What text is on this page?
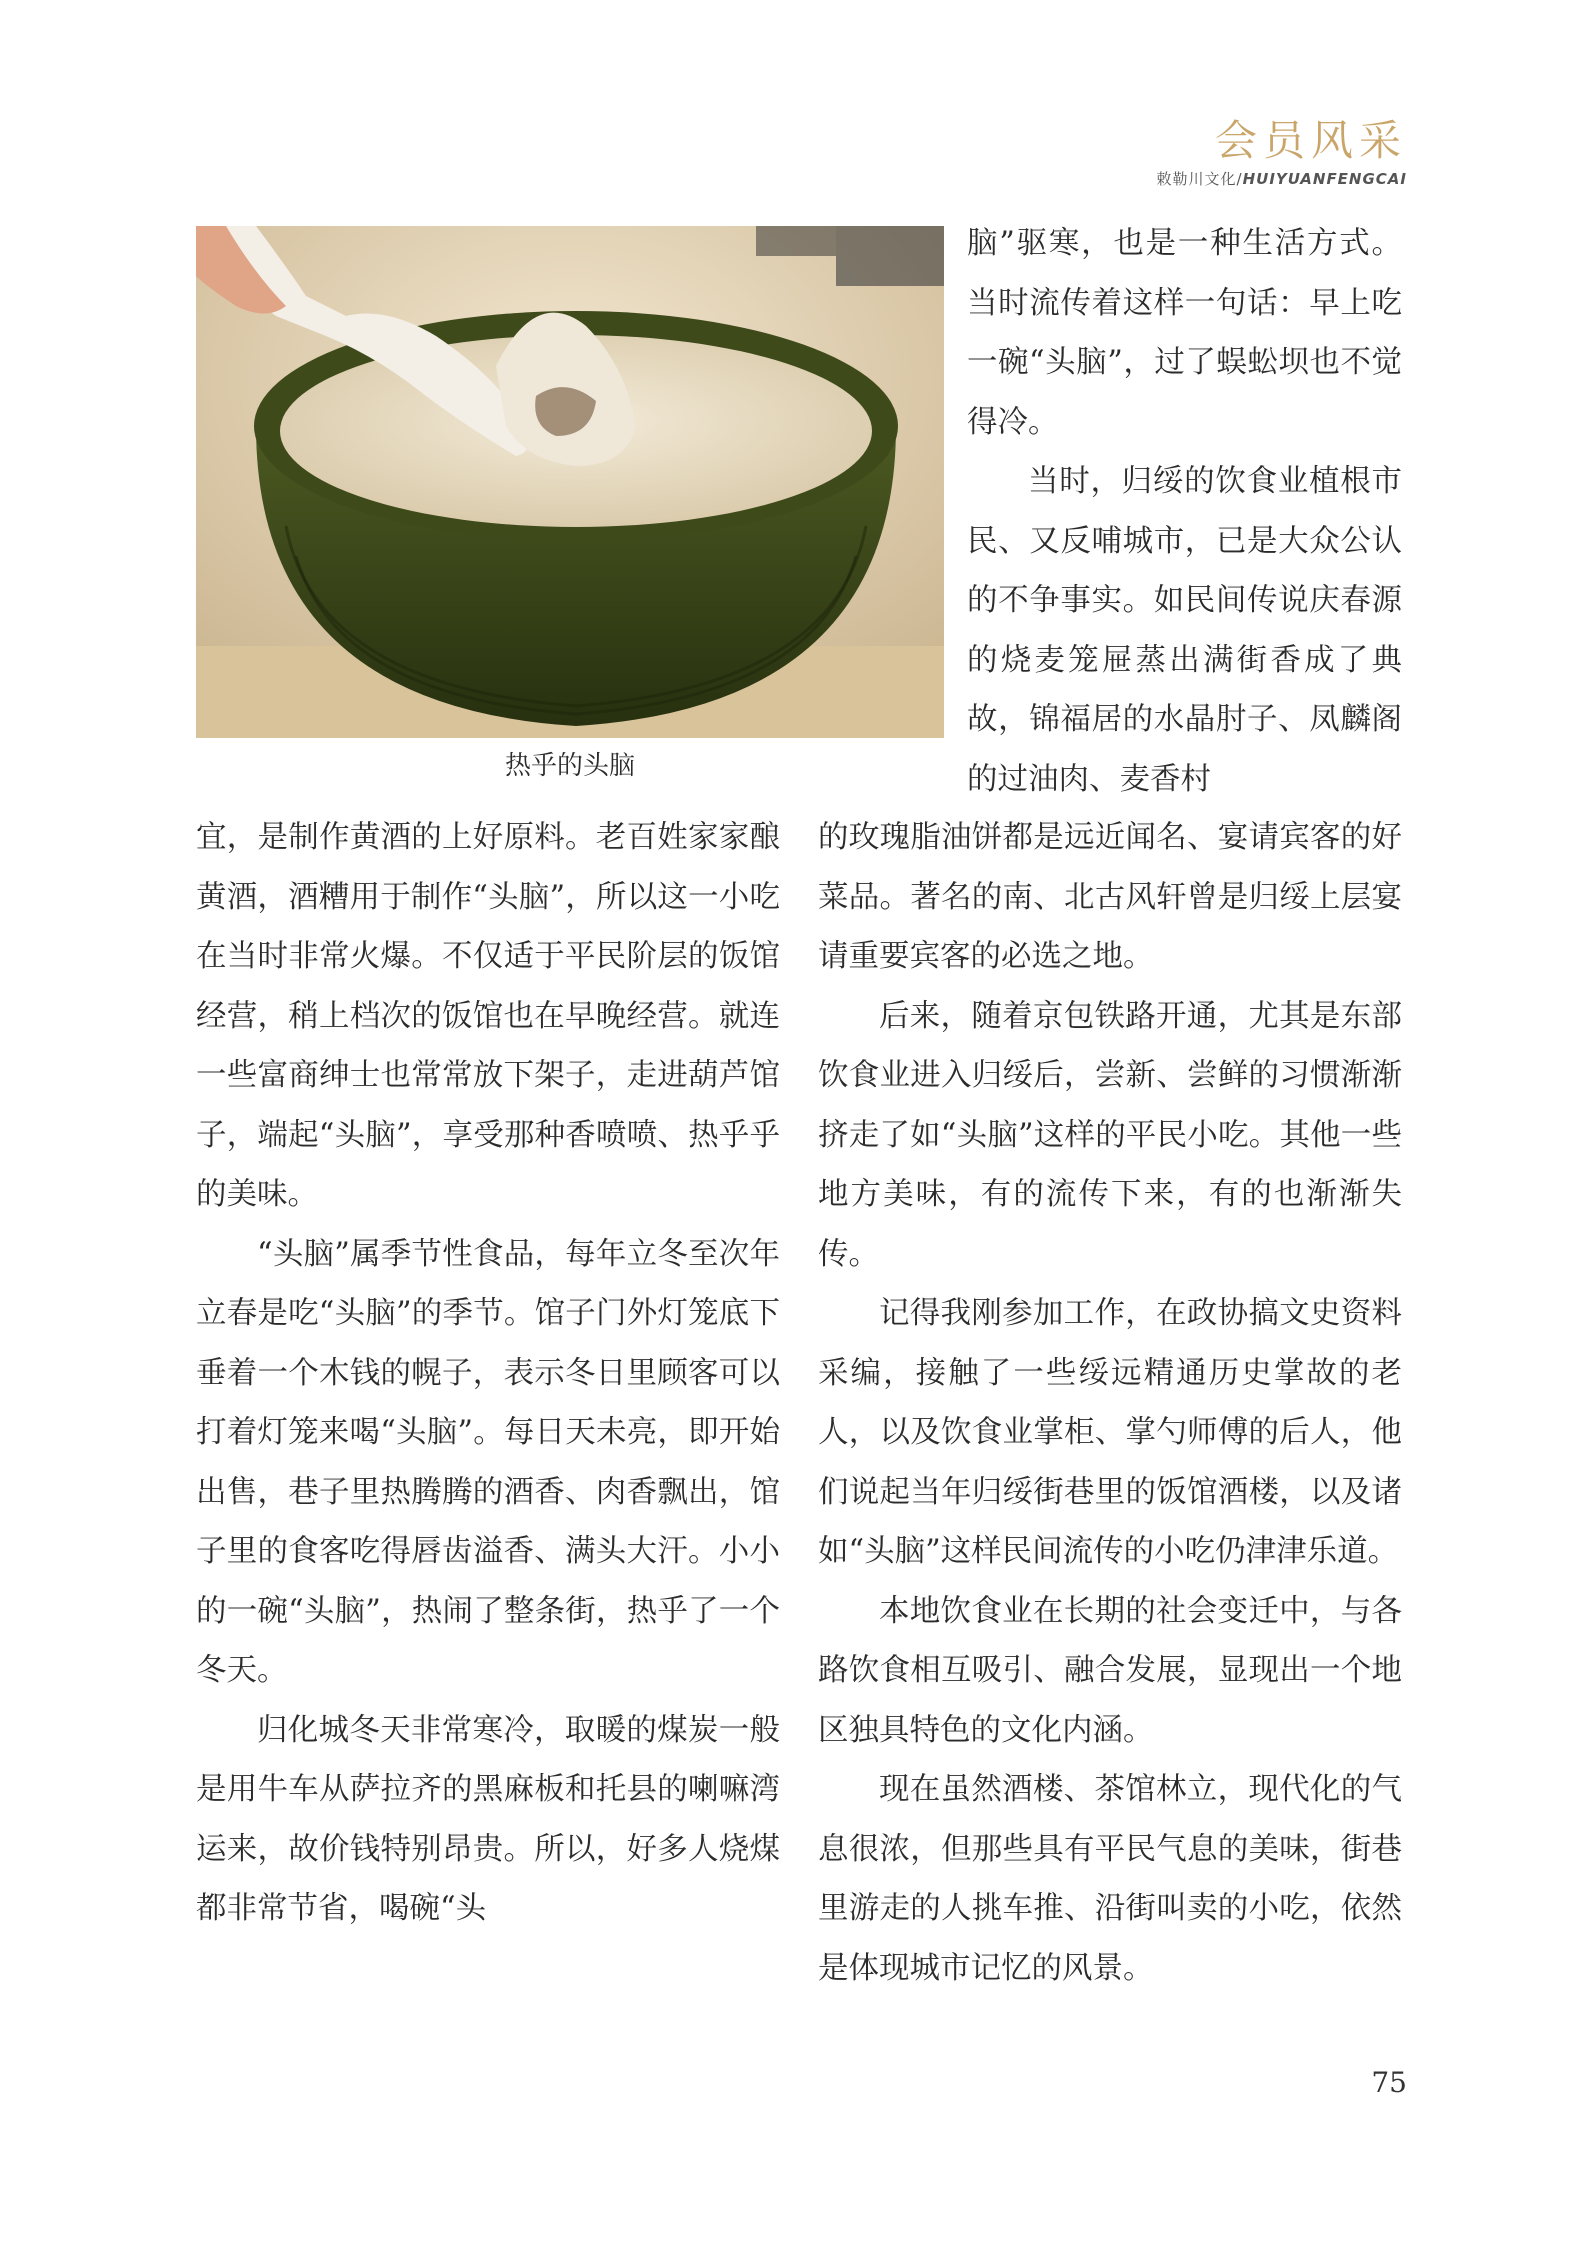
会员风采
敕勒川文化/HUIYUANFENGCAI
热乎的头脑

脑”驱寒，也是一种生活方式。当时流传着这样一句话：早上吃一碗“头脑”，过了蜈蚣坝也不觉得冷。

当时，归绥的饮食业植根市民、又反哺城市，已是大众公认的不争事实。如民间传说庆春源的烧麦笼屉蒸出满街香成了典故，锦福居的水晶肘子、凤麟阁的过油肉、麦香村

宜，是制作黄酒的上好原料。老百姓家家酿黄酒，酒糟用于制作“头脑”，所以这一小吃在当时非常火爆。不仅适于平民阶层的饭馆经营，稍上档次的饭馆也在早晚经营。就连一些富商绅士也常常放下架子，走进葫芦馆子，端起“头脑”，享受那种香喷喷、热乎乎的美味。

“头脑”属季节性食品，每年立冬至次年立春是吃“头脑”的季节。馆子门外灯笼底下垂着一个木钱的幌子，表示冬日里顾客可以打着灯笼来喝“头脑”。每日天未亮，即开始出售，巷子里热腾腾的酒香、肉香飘出，馆子里的食客吃得唇齿溢香、满头大汗。小小的一碗“头脑”，热闹了整条街，热乎了一个冬天。

归化城冬天非常寒冷，取暖的煤炭一般是用牛车从萨拉齐的黑麻板和托县的喇嘛湾运来，故价钱特别昂贵。所以，好多人烧煤都非常节省，喝碗“头

的玫瑰脂油饼都是远近闻名、宴请宾客的好菜品。著名的南、北古风轩曾是归绥上层宴请重要宾客的必选之地。

后来，随着京包铁路开通，尤其是东部饮食业进入归绥后，尝新、尝鲜的习惯渐渐挤走了如“头脑”这样的平民小吃。其他一些地方美味，有的流传下来，有的也渐渐失传。

记得我刚参加工作，在政协搞文史资料采编，接触了一些绥远精通历史掌故的老人，以及饮食业掌柜、掌勺师傅的后人，他们说起当年归绥街巷里的饭馆酒楼，以及诸如“头脑”这样民间流传的小吃仍津津乐道。

本地饮食业在长期的社会变迁中，与各路饮食相互吸引、融合发展，显现出一个地区独具特色的文化内涵。

现在虽然酒楼、茶馆林立，现代化的气息很浓，但那些具有平民气息的美味，街巷里游走的人挑车推、沿街叫卖的小吃，依然是体现城市记忆的风景。

75
